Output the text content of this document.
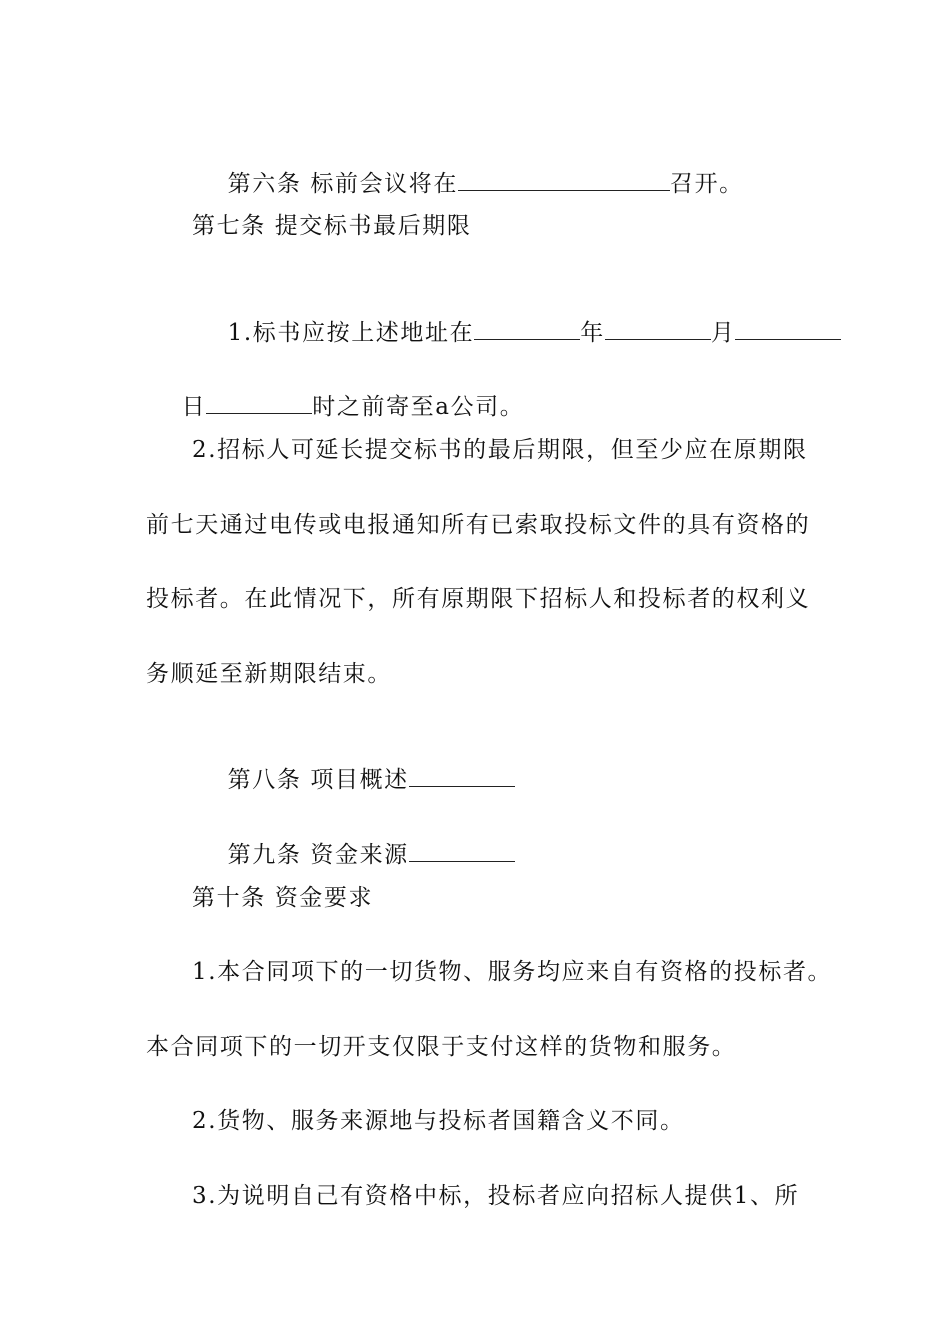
第六条 标前会议将在	召开。

第七条 提交标书最后期限

1.标书应按上述地址在	年	月

日	时之前寄至a公司。

2.招标人可延长提交标书的最后期限，但至少应在原期限
前七天通过电传或电报通知所有已索取投标文件的具有资格的
投标者。在此情况下，所有原期限下招标人和投标者的权利义
务顺延至新期限结束。

第八条 项目概述

第九条 资金来源

第十条 资金要求
1.本合同项下的一切货物、服务均应来自有资格的投标者。
本合同项下的一切开支仅限于支付这样的货物和服务。
2.货物、服务来源地与投标者国籍含义不同。
3.为说明自己有资格中标，投标者应向招标人提供1、所
